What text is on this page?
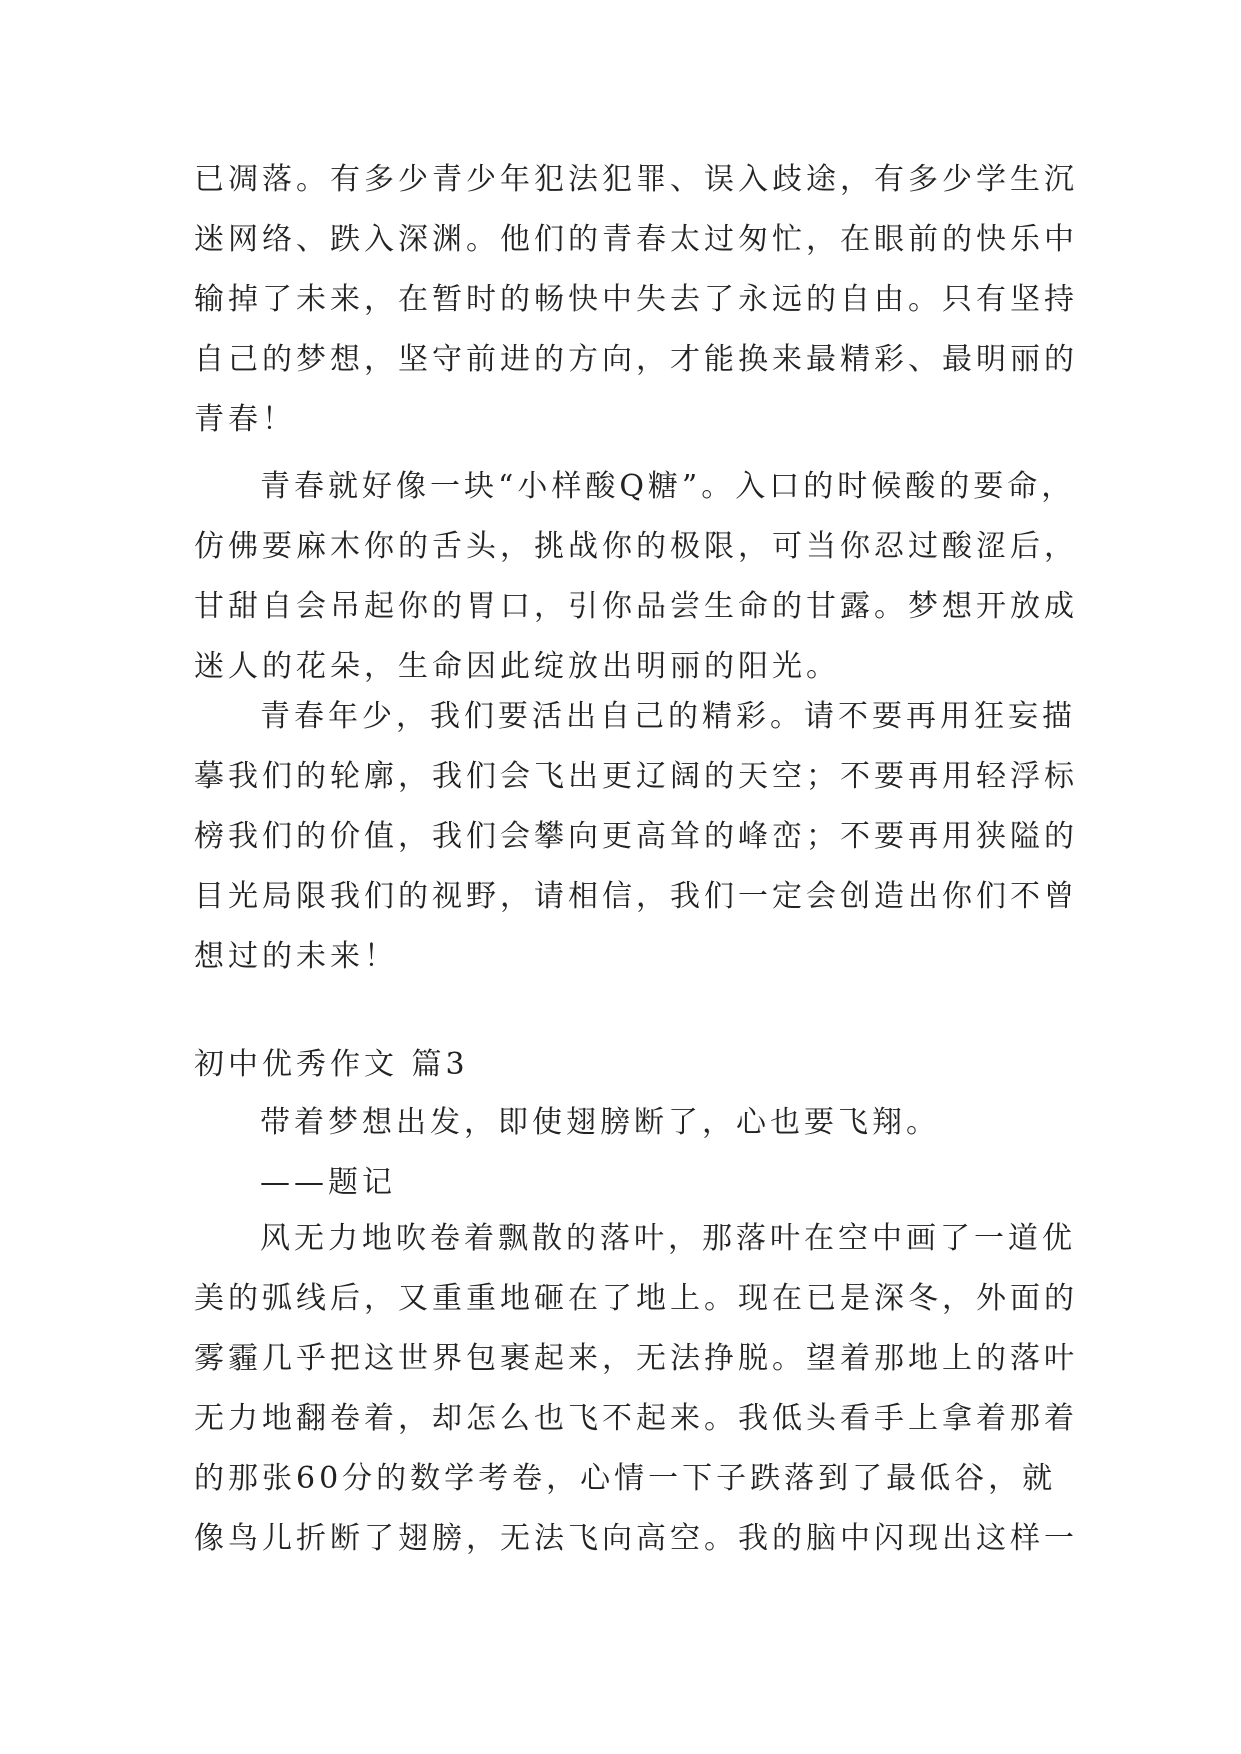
已凋落。有多少青少年犯法犯罪、误入歧途，有多少学生沉
迷网络、跌入深渊。他们的青春太过匆忙，在眼前的快乐中
输掉了未来，在暂时的畅快中失去了永远的自由。只有坚持
自己的梦想，坚守前进的方向，才能换来最精彩、最明丽的
青春！
青春就好像一块“小样酸Q糖”。入口的时候酸的要命，
仿佛要麻木你的舌头，挑战你的极限，可当你忍过酸涩后，
甘甜自会吊起你的胃口，引你品尝生命的甘露。梦想开放成
迷人的花朵，生命因此绽放出明丽的阳光。
青春年少，我们要活出自己的精彩。请不要再用狂妄描
摹我们的轮廓，我们会飞出更辽阔的天空；不要再用轻浮标
榜我们的价值，我们会攀向更高耸的峰峦；不要再用狭隘的
目光局限我们的视野，请相信，我们一定会创造出你们不曾
想过的未来！
初中优秀作文 篇3
带着梦想出发，即使翅膀断了，心也要飞翔。
——题记
风无力地吹卷着飘散的落叶，那落叶在空中画了一道优
美的弧线后，又重重地砸在了地上。现在已是深冬，外面的
雾霾几乎把这世界包裹起来，无法挣脱。望着那地上的落叶
无力地翻卷着，却怎么也飞不起来。我低头看手上拿着那着
的那张60分的数学考卷，心情一下子跌落到了最低谷，就
像鸟儿折断了翅膀，无法飞向高空。我的脑中闪现出这样一
